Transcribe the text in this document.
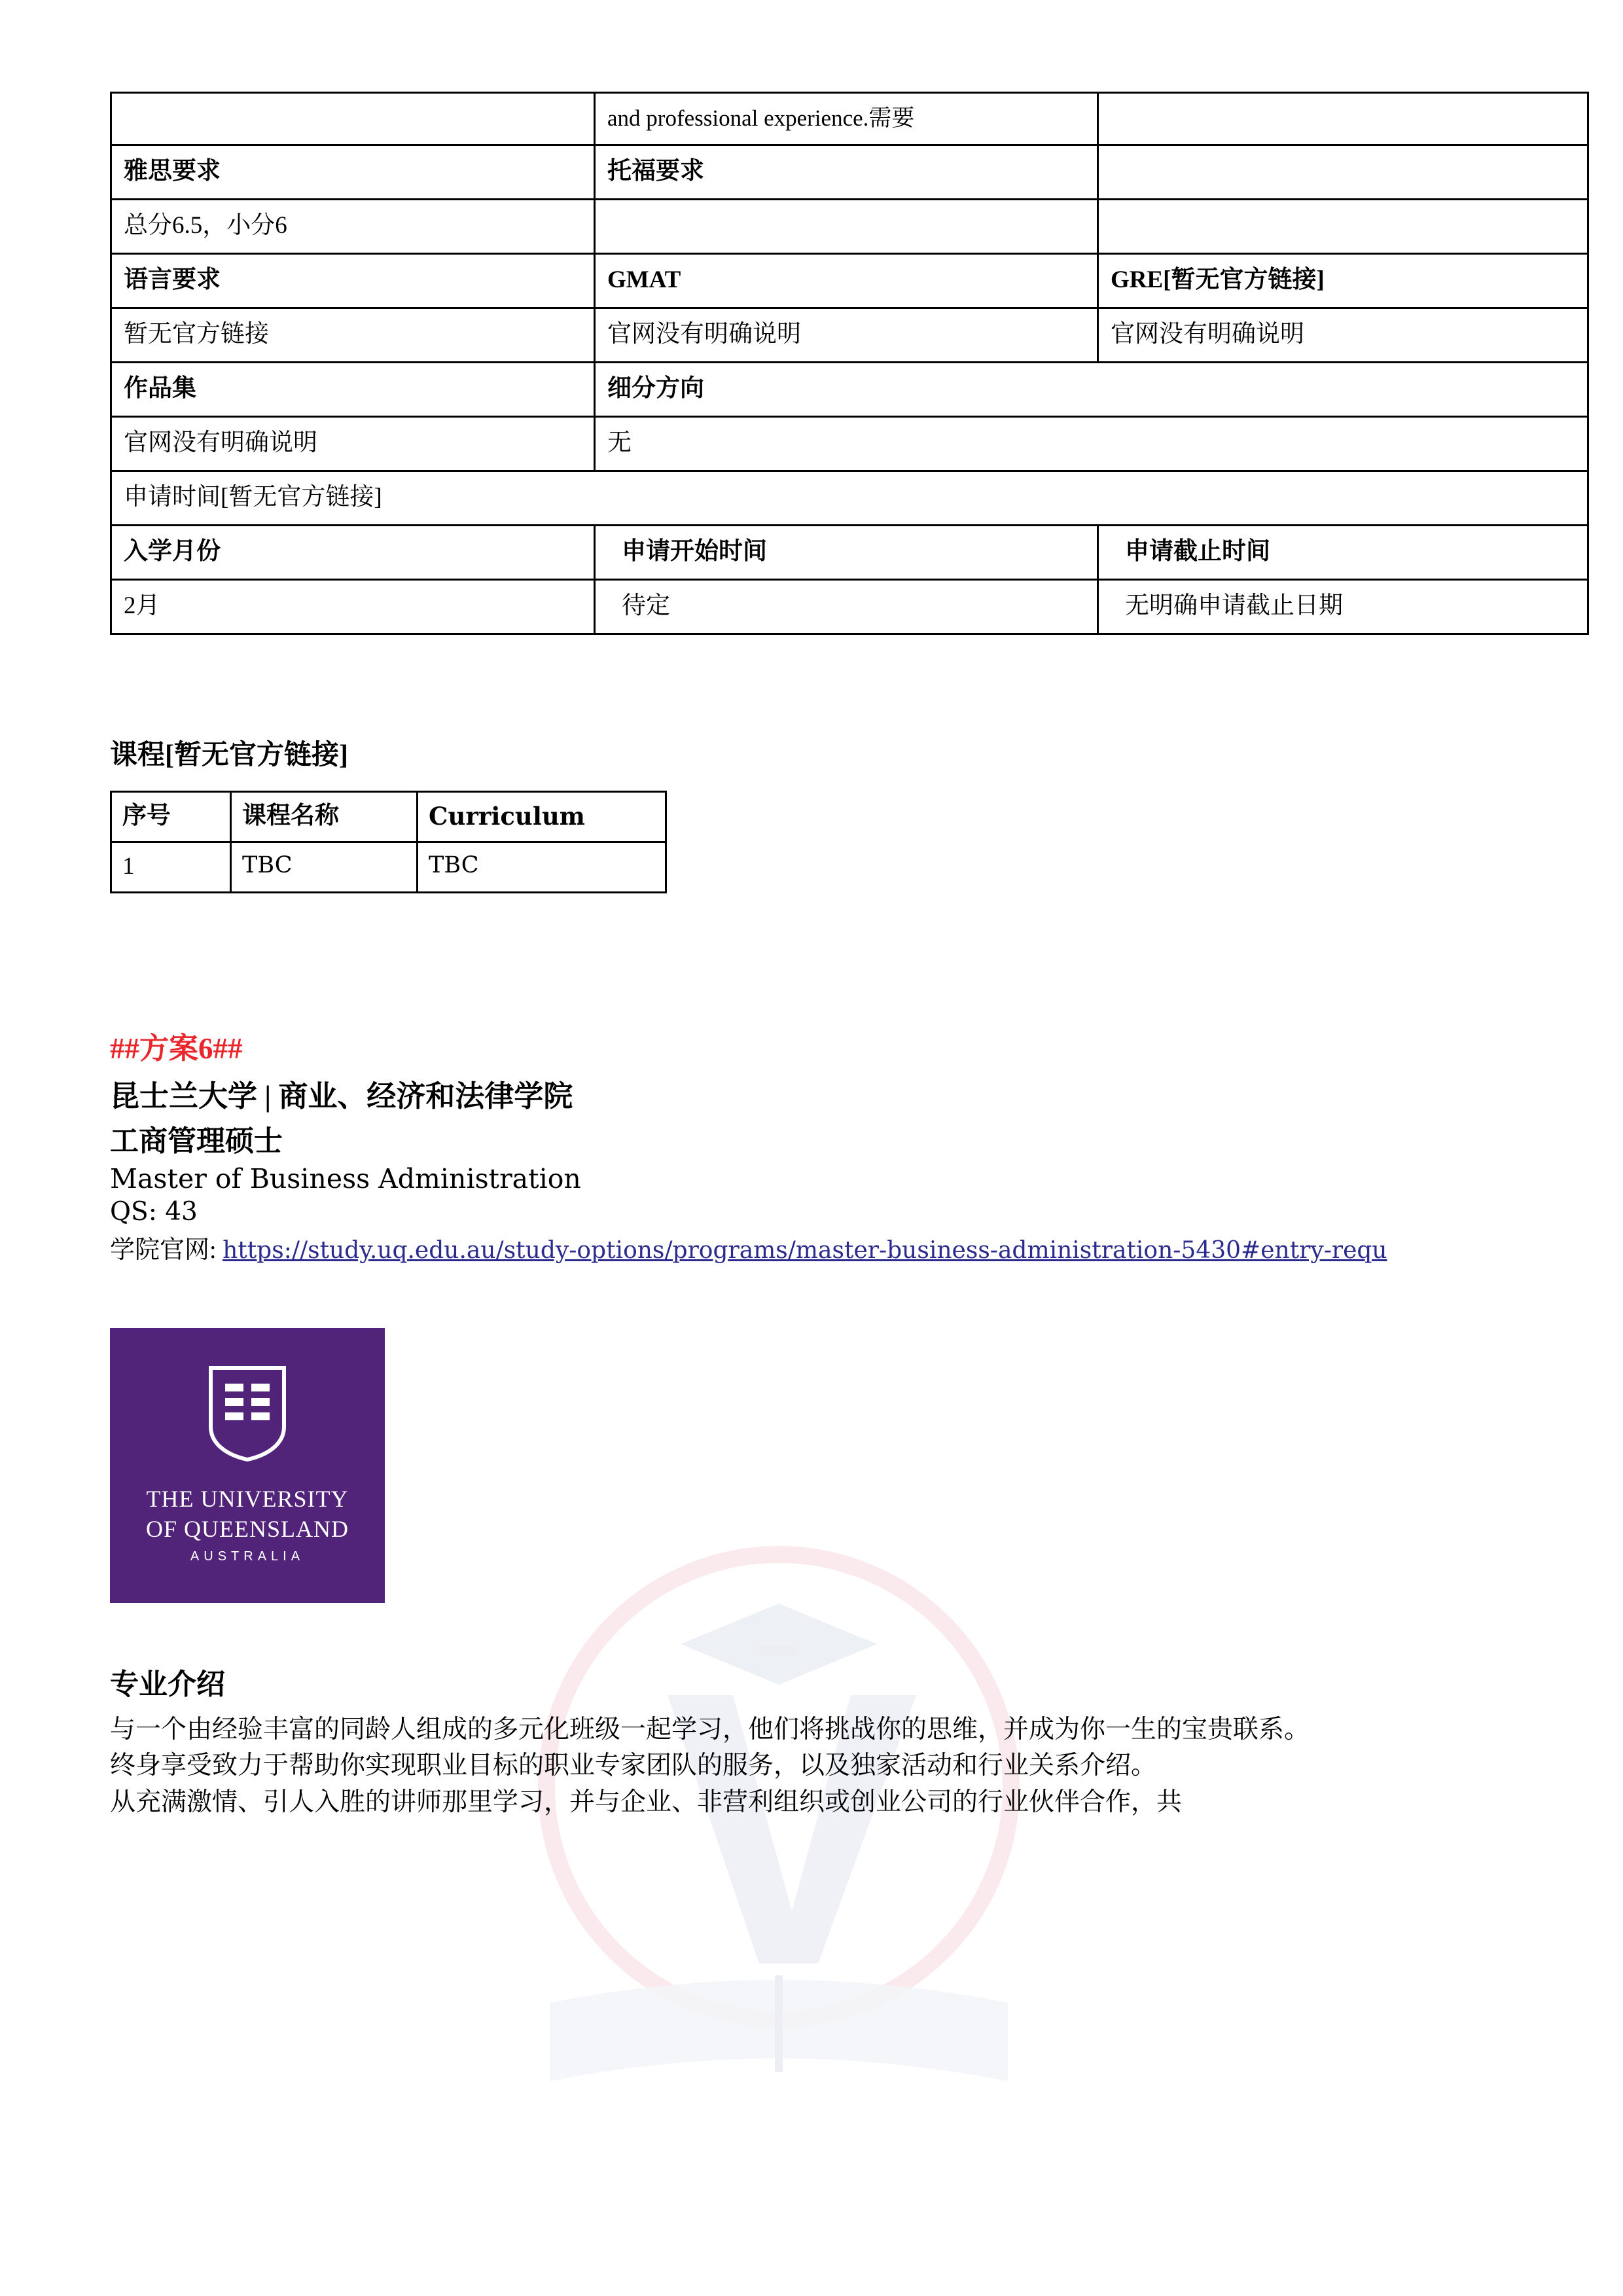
	and professional experience.需要	
雅思要求	托福要求	
总分6.5，小分6		
语言要求	GMAT	GRE[暂无官方链接]
暂无官方链接	官网没有明确说明	官网没有明确说明
作品集	细分方向	
官网没有明确说明	无	
申请时间[暂无官方链接]		
入学月份	申请开始时间	申请截止时间
2月	待定	无明确申请截止日期
课程[暂无官方链接]
序号	课程名称	Curriculum
1	TBC	TBC

##方案6##

昆士兰大学 | 商业、经济和法律学院

工商管理硕士

Master of Business Administration

QS: 43

学院官网: https://study.uq.edu.au/study-options/programs/master-business-administration-5430#entry-requ

THE UNIVERSITY
OF QUEENSLAND
AUSTRALIA
专业介绍

与一个由经验丰富的同龄人组成的多元化班级一起学习，他们将挑战你的思维，并成为你一生的宝贵联系。

终身享受致力于帮助你实现职业目标的职业专家团队的服务，以及独家活动和行业关系介绍。

从充满激情、引人入胜的讲师那里学习，并与企业、非营利组织或创业公司的行业伙伴合作，共
